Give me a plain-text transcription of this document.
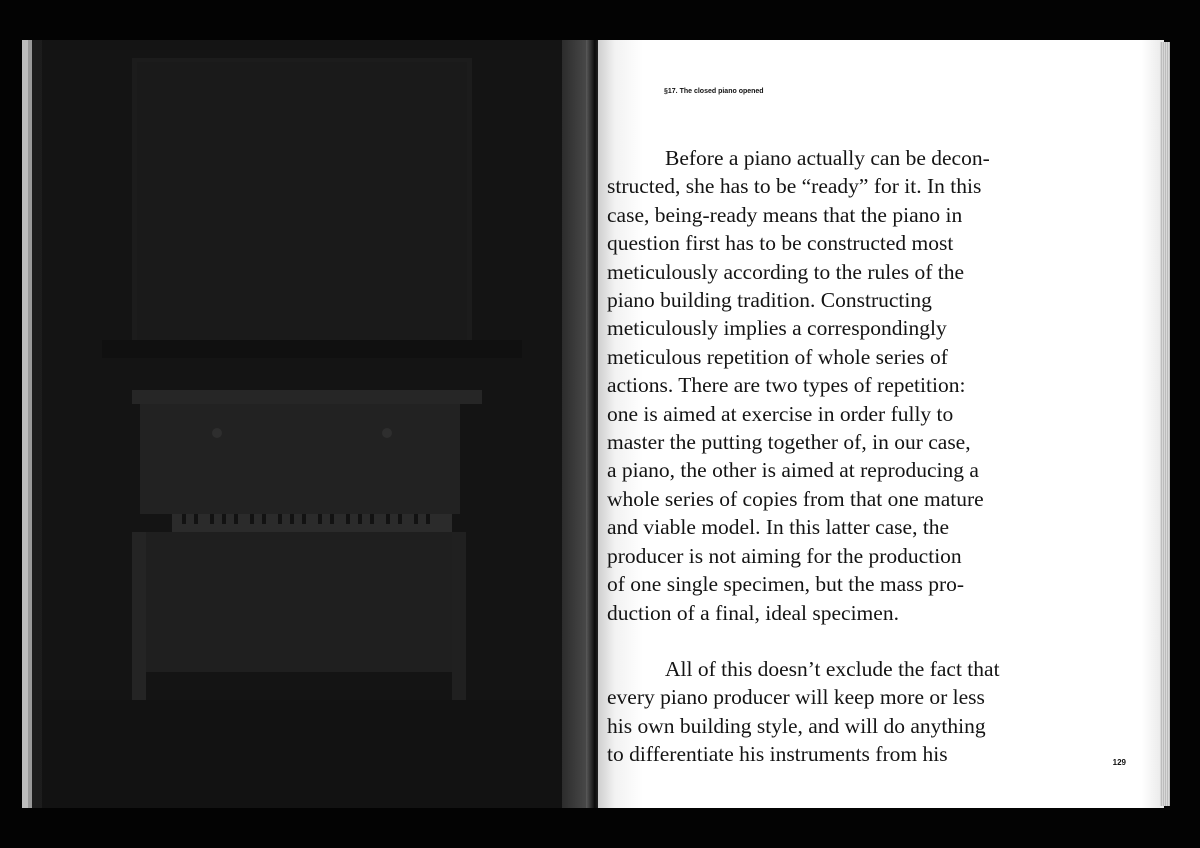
§17. The closed piano opened

Before a piano actually can be decon-
structed, she has to be “ready” for it. In this
case, being-ready means that the piano in
question first has to be constructed most
meticulously according to the rules of the
piano building tradition. Constructing
meticulously implies a correspondingly
meticulous repetition of whole series of
actions. There are two types of repetition:
one is aimed at exercise in order fully to
master the putting together of, in our case,
a piano, the other is aimed at reproducing a
whole series of copies from that one mature
and viable model. In this latter case, the
producer is not aiming for the production
of one single specimen, but the mass pro-
duction of a final, ideal specimen.

All of this doesn’t exclude the fact that
every piano producer will keep more or less
his own building style, and will do anything
to differentiate his instruments from his	129
